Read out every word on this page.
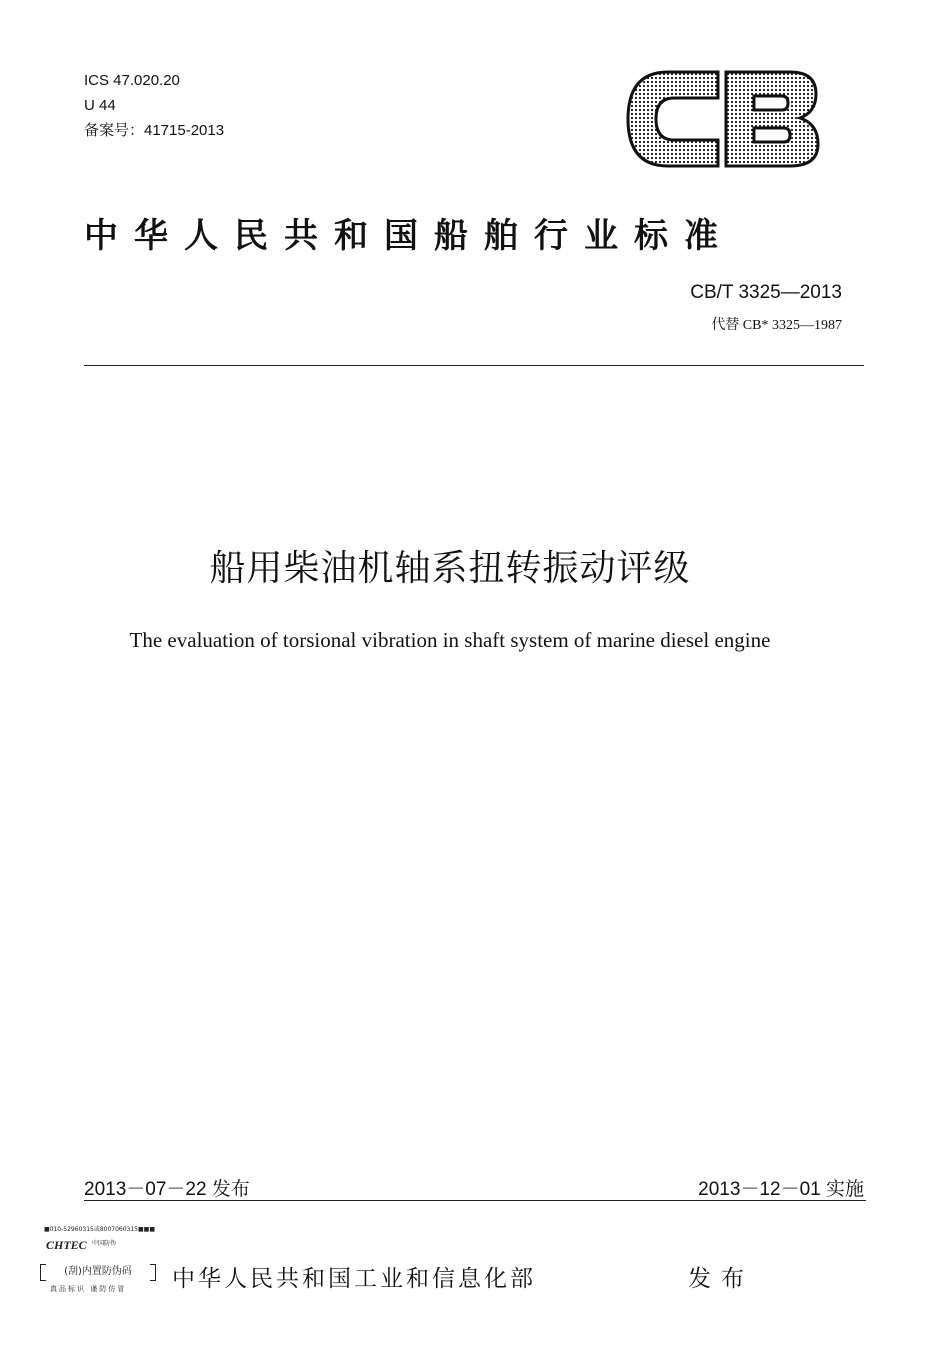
ICS 47.020.20
U 44
备案号：41715-2013
中华人民共和国船舶行业标准
CB/T 3325—2013
代替 CB* 3325—1987
船用柴油机轴系扭转振动评级
The evaluation of torsional vibration in shaft system of marine diesel engine
2013－07－22 发布	2013－12－01 实施
■010-52960315或8007060315■■■
CHTEC 中国防伪
(刮)内置防伪码
真品标识 谨防仿冒 中华人民共和国工业和信息化部	发布
